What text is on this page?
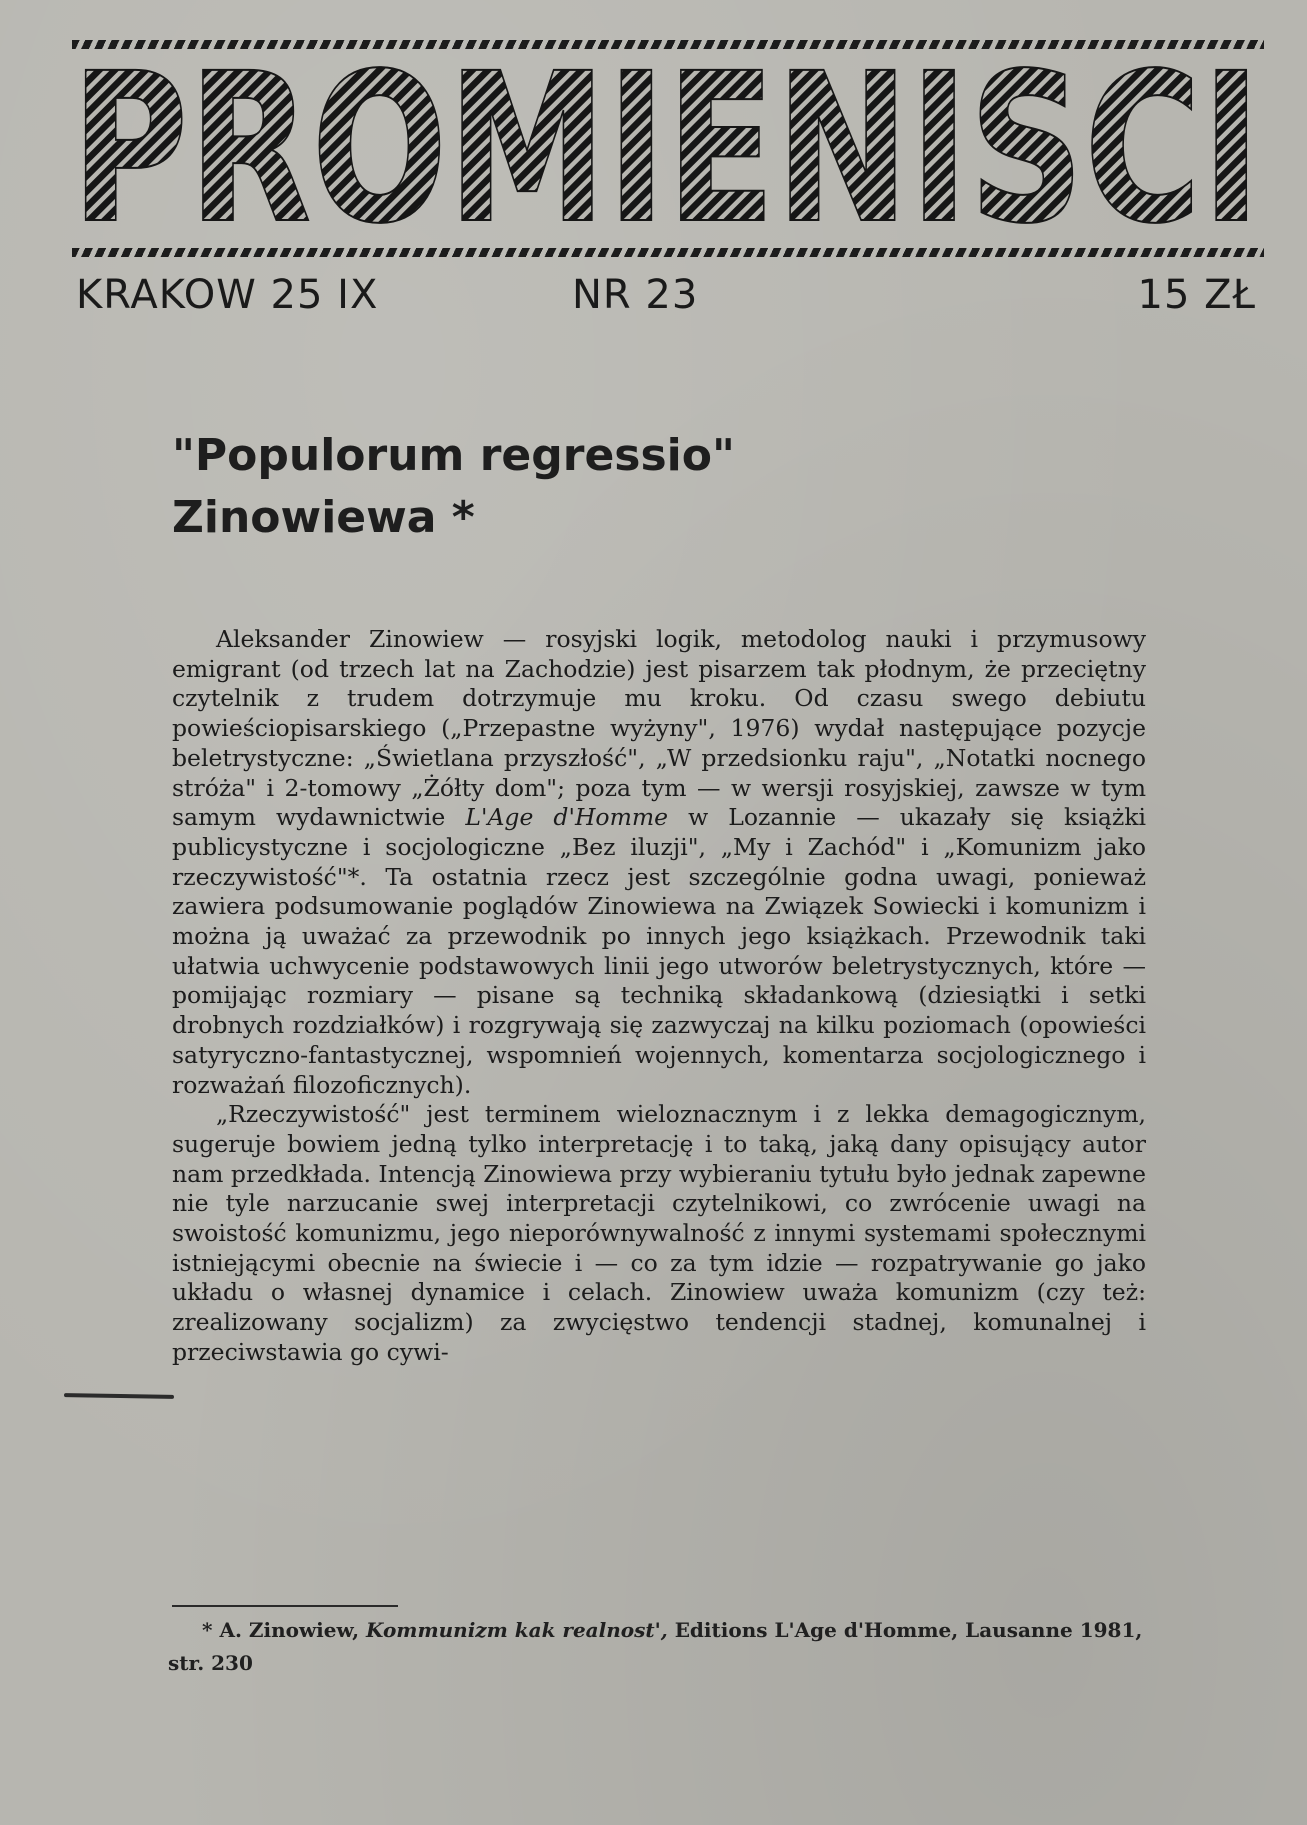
PROMIENISCI
KRAKOW 25 IX	NR 23	15 ZŁ
"Populorum regressio"
Zinowiewa *

Aleksander Zinowiew — rosyjski logik, metodolog nauki i przymusowy emigrant (od trzech lat na Zachodzie) jest pisarzem tak płodnym, że przeciętny czytelnik z trudem dotrzymuje mu kroku. Od czasu swego debiutu powieściopisarskiego („Przepastne wyżyny", 1976) wydał następujące pozycje beletrystyczne: „Świetlana przyszłość", „W przedsionku raju", „Notatki nocnego stróża" i 2-tomowy „Żółty dom"; poza tym — w wersji rosyjskiej, zawsze w tym samym wydawnictwie L'Age d'Homme w Lozannie — ukazały się książki publicystyczne i socjologiczne „Bez iluzji", „My i Zachód" i „Komunizm jako rzeczywistość"*. Ta ostatnia rzecz jest szczególnie godna uwagi, ponieważ zawiera podsumowanie poglądów Zinowiewa na Związek Sowiecki i komunizm i można ją uważać za przewodnik po innych jego książkach. Przewodnik taki ułatwia uchwycenie podstawowych linii jego utworów beletrystycznych, które — pomijając rozmiary — pisane są techniką składankową (dziesiątki i setki drobnych rozdziałków) i rozgrywają się zazwyczaj na kilku poziomach (opowieści satyryczno-fantastycznej, wspomnień wojennych, komentarza socjologicznego i rozważań filozoficznych).

„Rzeczywistość" jest terminem wieloznacznym i z lekka demagogicznym, sugeruje bowiem jedną tylko interpretację i to taką, jaką dany opisujący autor nam przedkłada. Intencją Zinowiewa przy wybieraniu tytułu było jednak zapewne nie tyle narzucanie swej interpretacji czytelnikowi, co zwrócenie uwagi na swoistość komunizmu, jego nieporównywalność z innymi systemami społecznymi istniejącymi obecnie na świecie i — co za tym idzie — rozpatrywanie go jako układu o własnej dynamice i celach. Zinowiew uważa komunizm (czy też: zrealizowany socjalizm) za zwycięstwo tendencji stadnej, komunalnej i przeciwstawia go cywi-

* A. Zinowiew, Kommunizm kak realnost', Editions L'Age d'Homme, Lausanne 1981, str. 230
